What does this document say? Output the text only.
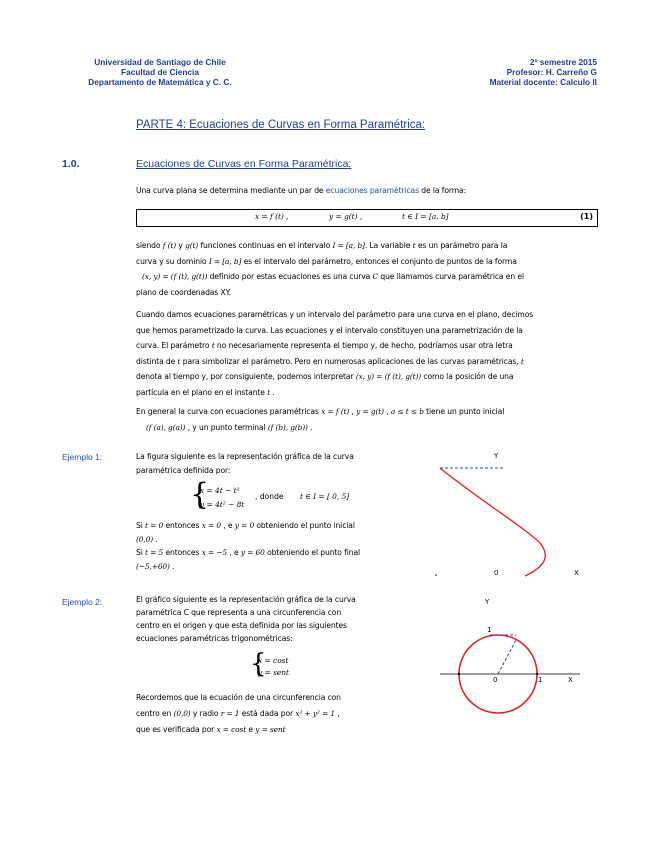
Universidad de Santiago de Chile
Facultad de Ciencia
Departamento de Matemática y C. C.
2º semestre 2015
Profesor: H. Carreño G
Material docente: Calculo II
PARTE 4: Ecuaciones de Curvas en Forma Paramétrica:
1.0.	Ecuaciones de Curvas en Forma Paramétrica:
Una curva plana se determina mediante un par de ecuaciones paramétricas de la forma:
x = f (t) ,	y = g(t) ,	t ∈ I = [a, b]	(1)
siendo f (t) y g(t) funciones continuas en el intervalo I = [a, b]. La variable t es un parámetro para la
curva y su dominio I = [a, b] es el intervalo del parámetro, entonces el conjunto de puntos de la forma
(x, y) = (f (t), g(t)) definido por estas ecuaciones es una curva C que llamamos curva paramétrica en el
plano de coordenadas XY.
Cuando damos ecuaciones paramétricas y un intervalo del parámetro para una curva en el plano, decimos
que hemos parametrizado la curva. Las ecuaciones y el intervalo constituyen una parametrización de la
curva. El parámetro t no necesariamente representa el tiempo y, de hecho, podríamos usar otra letra
distinta de t para simbolizar el parámetro. Pero en numerosas aplicaciones de las curvas paramétricas, t
denota al tiempo y, por consiguiente, podemos interpretar (x, y) = (f (t), g(t)) como la posición de una
partícula en el plano en el instante t .
En general la curva con ecuaciones paramétricas x = f (t) , y = g(t) , a ≤ t ≤ b tiene un punto inicial
(f (a), g(a)) , y un punto terminal (f (b), g(b)) .
Ejemplo 1:	La figura siguiente es la representación gráfica de la curva
paramétrica definida por:
{
x = 4t − t²
y = 4t² − 8t
, donde t ∈ I = [ 0, 5]
Si t = 0 entonces x = 0 , e y = 0 obteniendo el punto inicial
(0,0) .
Si t = 5 entonces x = −5 , e y = 60 obteniendo el punto final
(−5,+60) .
Y
0	X
Ejemplo 2:	El gráfico siguiente es la representación gráfica de la curva
paramétrica C que representa a una circunferencia con
centro en el origen y que esta definida por las siguientes
ecuaciones paramétricas trigonométricas:
{
x = cost
y = sent
Recordemos que la ecuación de una circunferencia con
centro en (0,0) y radio r = 1 está dada por x² + y² = 1 ,
que es verificada por x = cost e y = sent
Y
1
0	1	X
